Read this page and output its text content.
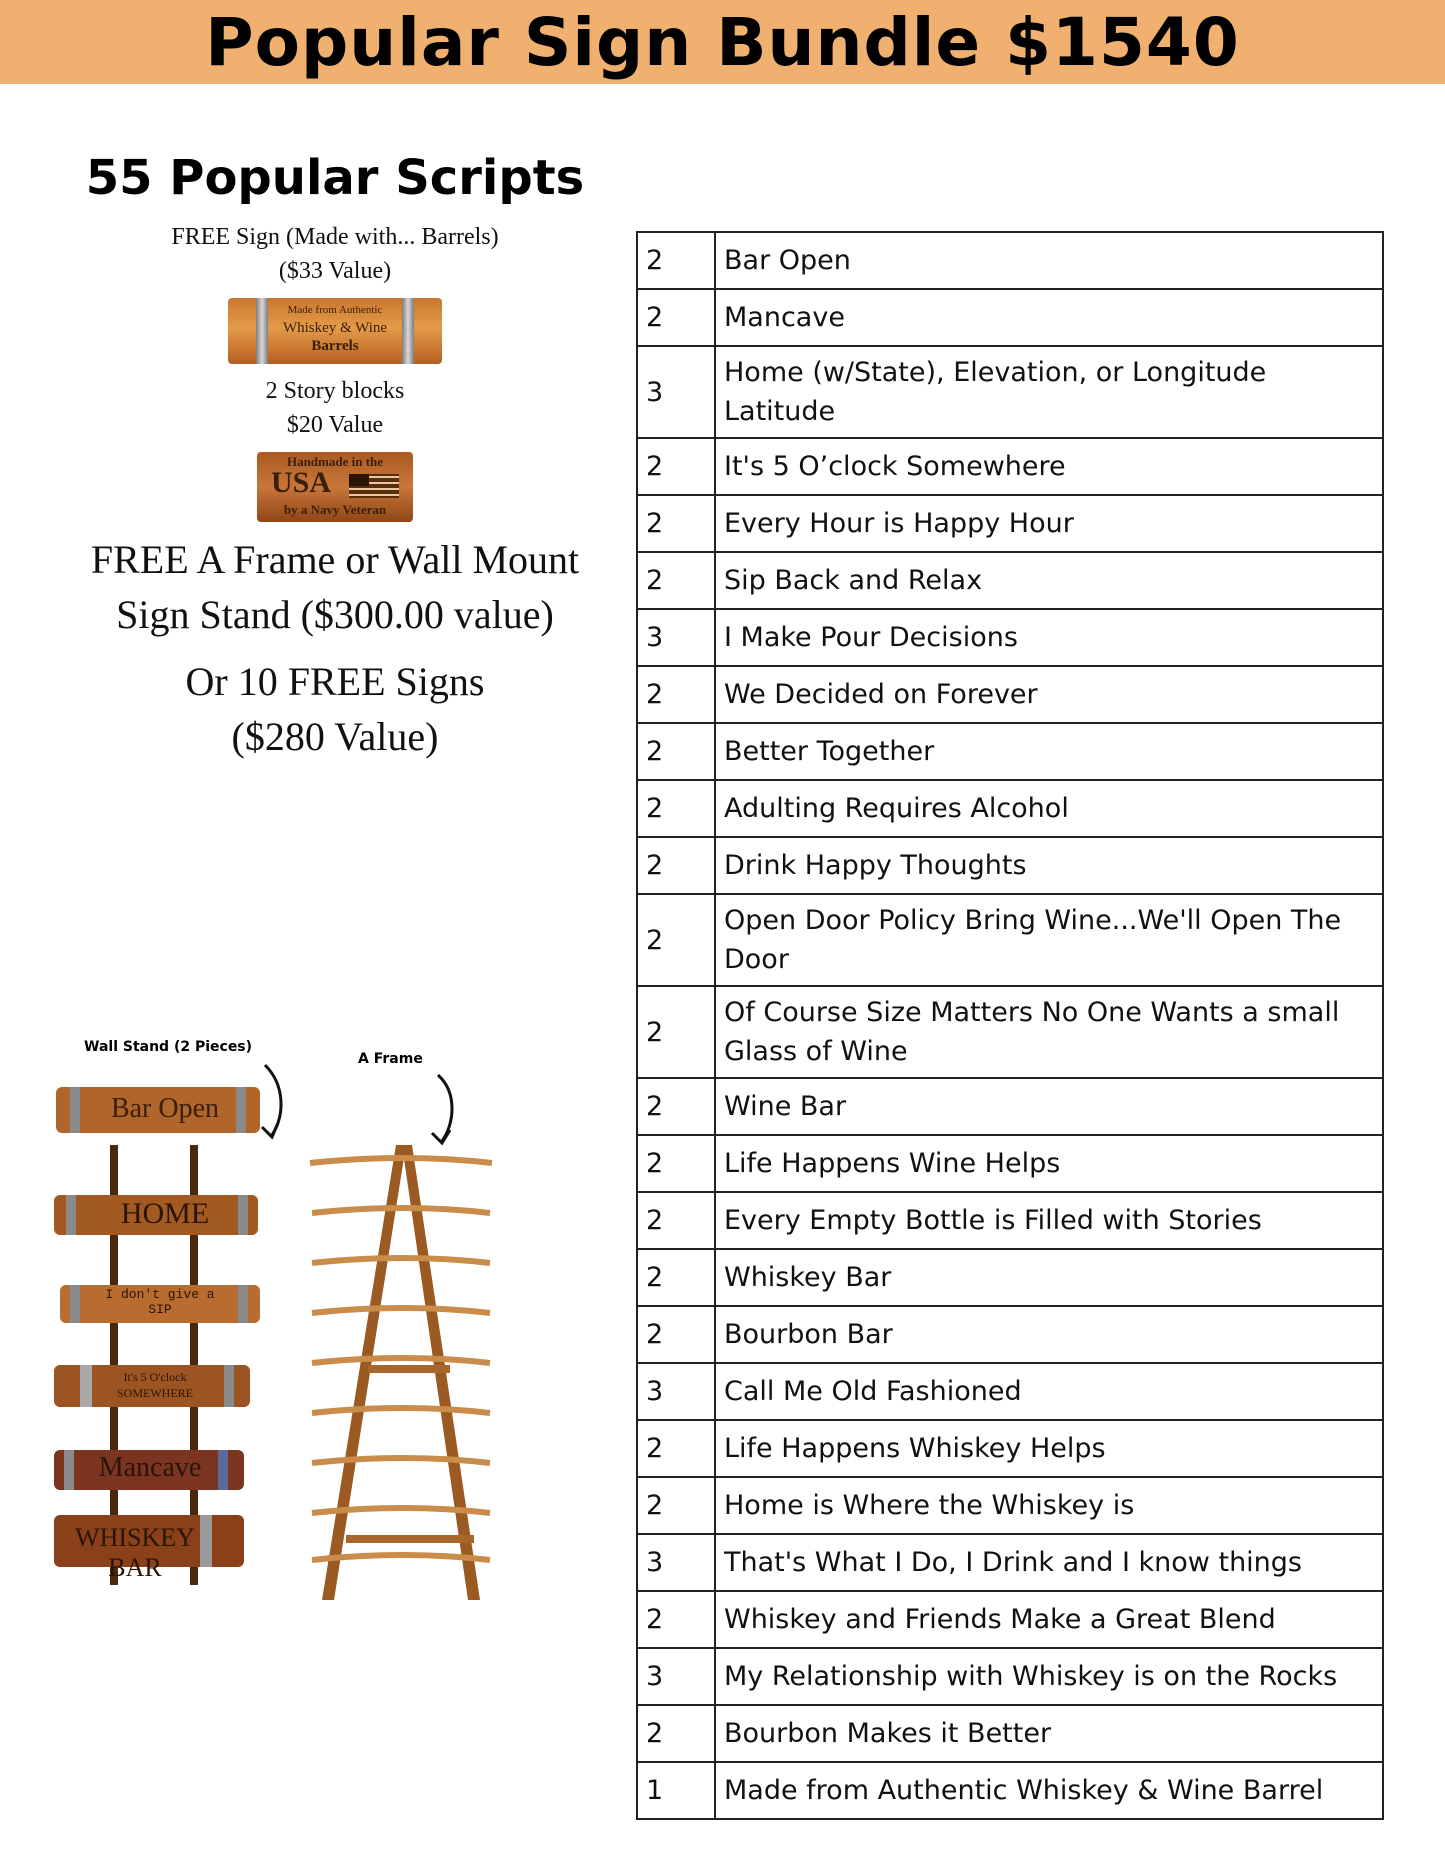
Popular Sign Bundle $1540
55 Popular Scripts
FREE Sign (Made with... Barrels)
($33 Value)
Made from Authentic
Whiskey & Wine
Barrels
2 Story blocks
$20 Value
Handmade in the
USA
by a Navy Veteran
FREE A Frame or Wall Mount
Sign Stand ($300.00 value)
Or 10 FREE Signs
($280 Value)
Wall Stand (2 Pieces)
A Frame
Bar Open
HOME
I don't give a SIP
It's 5 O'clock SOMEWHERE
Mancave
WHISKEY BAR
2	Bar Open
2	Mancave
3	Home (w/State), Elevation, or Longitude Latitude
2	It's 5 O’clock Somewhere
2	Every Hour is Happy Hour
2	Sip Back and Relax
3	I Make Pour Decisions
2	We Decided on Forever
2	Better Together
2	Adulting Requires Alcohol
2	Drink Happy Thoughts
2	Open Door Policy Bring Wine...We'll Open The Door
2	Of Course Size Matters No One Wants a small Glass of Wine
2	Wine Bar
2	Life Happens Wine Helps
2	Every Empty Bottle is Filled with Stories
2	Whiskey Bar
2	Bourbon Bar
3	Call Me Old Fashioned
2	Life Happens Whiskey Helps
2	Home is Where the Whiskey is
3	That's What I Do, I Drink and I know things
2	Whiskey and Friends Make a Great Blend
3	My Relationship with Whiskey is on the Rocks
2	Bourbon Makes it Better
1	Made from Authentic Whiskey & Wine Barrel
